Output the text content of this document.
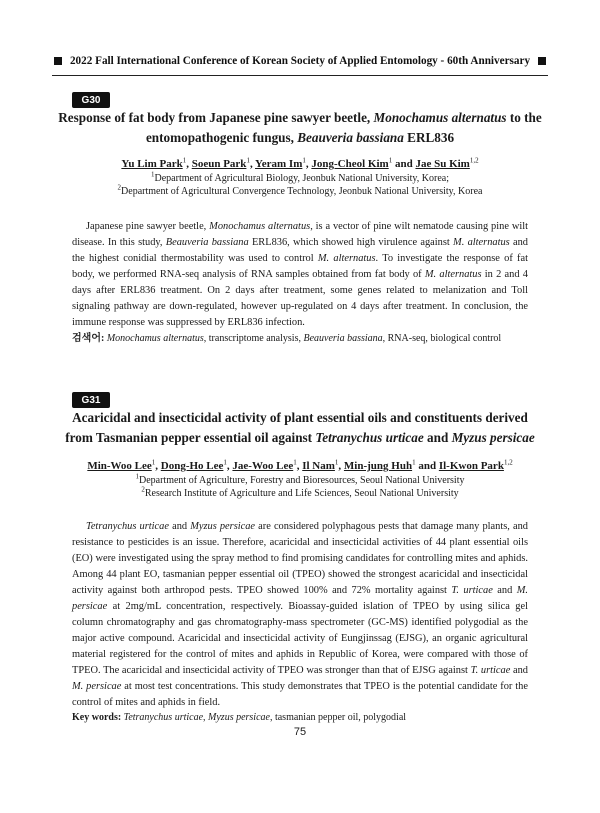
2022 Fall International Conference of Korean Society of Applied Entomology - 60th Anniversary
G30

Response of fat body from Japanese pine sawyer beetle, Monochamus alternatus to the entomopathogenic fungus, Beauveria bassiana ERL836

Yu Lim Park$^1$, Soeun Park$^1$, Yeram Im$^1$, Jong-Cheol Kim$^1$ and Jae Su Kim$^{1,2}$

$^1$Department of Agricultural Biology, Jeonbuk National University, Korea;
$^2$Department of Agricultural Convergence Technology, Jeonbuk National University, Korea

Japanese pine sawyer beetle, Monochamus alternatus, is a vector of pine wilt nematode causing pine wilt disease. In this study, Beauveria bassiana ERL836, which showed high virulence against M. alternatus and the highest conidial thermostability was used to control M. alternatus. To investigate the response of fat body, we performed RNA-seq analysis of RNA samples obtained from fat body of M. alternatus in 2 and 4 days after ERL836 treatment. On 2 days after treatment, some genes related to melanization and Toll signaling pathway are down-regulated, however up-regulated on 4 days after treatment. In conclusion, the immune response was suppressed by ERL836 infection.

검색어: Monochamus alternatus, transcriptome analysis, Beauveria bassiana, RNA-seq, biological control

G31

Acaricidal and insecticidal activity of plant essential oils and constituents derived
from Tasmanian pepper essential oil against Tetranychus urticae and Myzus persicae

Min-Woo Lee$^1$, Dong-Ho Lee$^1$, Jae-Woo Lee$^1$, Il Nam$^1$, Min-jung Huh$^1$ and Il-Kwon Park$^{1,2}$

$^1$Department of Agriculture, Forestry and Bioresources, Seoul National University
$^2$Research Institute of Agriculture and Life Sciences, Seoul National University

Tetranychus urticae and Myzus persicae are considered polyphagous pests that damage many plants, and resistance to pesticides is an issue. Therefore, acaricidal and insecticidal activities of 44 plant essential oils (EO) were investigated using the spray method to find promising candidates for controlling mites and aphids. Among 44 plant EO, tasmanian pepper essential oil (TPEO) showed the strongest acaricidal and insecticidal activity against both arthropod pests. TPEO showed 100% and 72% mortality against T. urticae and M. persicae at 2mg/mL concentration, respectively. Bioassay-guided islation of TPEO by using silica gel column chromatography and gas chromatography-mass spectrometer (GC-MS) identified polygodial as the major active compound. Acaricidal and insecticidal activity of Eungjinssag (EJSG), an organic agricultural material registered for the control of mites and aphids in Republic of Korea, were compared with those of TPEO. The acaricidal and insecticidal activity of TPEO was stronger than that of EJSG against T. urticae and M. persicae at most test concentrations. This study demonstrates that TPEO is the potential candidate for the control of mites and aphids in field.

Key words: Tetranychus urticae, Myzus persicae, tasmanian pepper oil, polygodial

75
